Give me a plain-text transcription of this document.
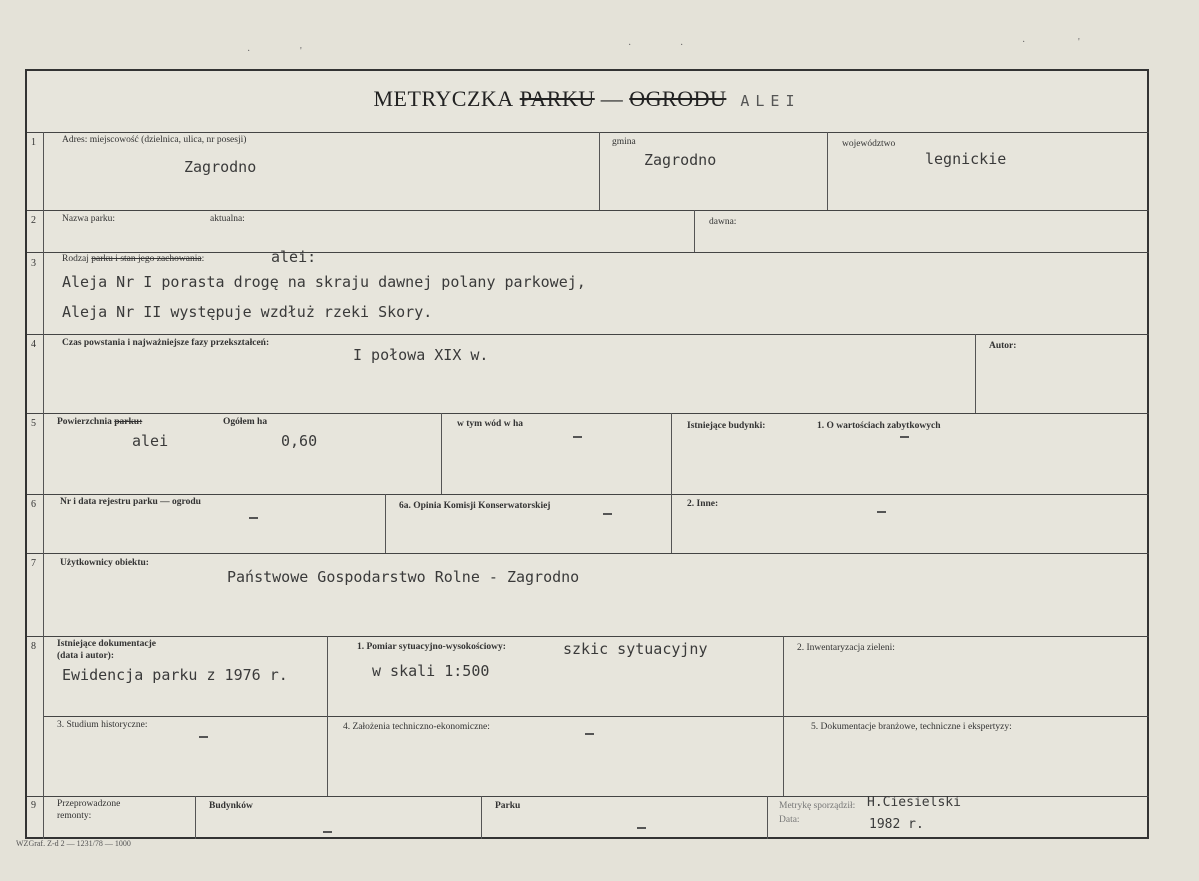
METRYCZKA PARKU — OGRODU ALEI
1	Adres: miejscowość (dzielnica, ulica, nr posesji)
Zagrodno
gmina
Zagrodno
województwo
legnickie
2	Nazwa parku:	aktualna:	dawna:
3	Rodzaj parku i stan jego zachowania:	alei:
Aleja Nr I porasta drogę na skraju dawnej polany parkowej,
Aleja Nr II występuje wzdłuż rzeki Skory.
4	Czas powstania i najważniejsze fazy przekształceń:
I połowa XIX w.	Autor:
5 Powierzchnia parku:
alei
Ogółem ha
0,60
w tym wód w ha	Istniejące budynki:	1. O wartościach zabytkowych
6	Nr i data rejestru parku — ogrodu	6a. Opinia Komisji Konserwatorskiej	2. Inne:
7	Użytkownicy obiektu:
Państwowe Gospodarstwo Rolne - Zagrodno
8 Istniejące dokumentacje
(data i autor):
Ewidencja parku z 1976 r.
1. Pomiar sytuacyjno-wysokościowy:	szkic sytuacyjny
w skali 1:500
2. Inwentaryzacja zieleni:
3. Studium historyczne:	4. Założenia techniczno-ekonomiczne:	5. Dokumentacje branżowe, techniczne i ekspertyzy:
9 Przeprowadzone
remonty:
Budynków	Parku	Metrykę sporządził: H.Ciesielski
Data:	1982 r.
WZGraf. Z-d 2 — 1231/78 — 1000
·	'
·	·	·	'
